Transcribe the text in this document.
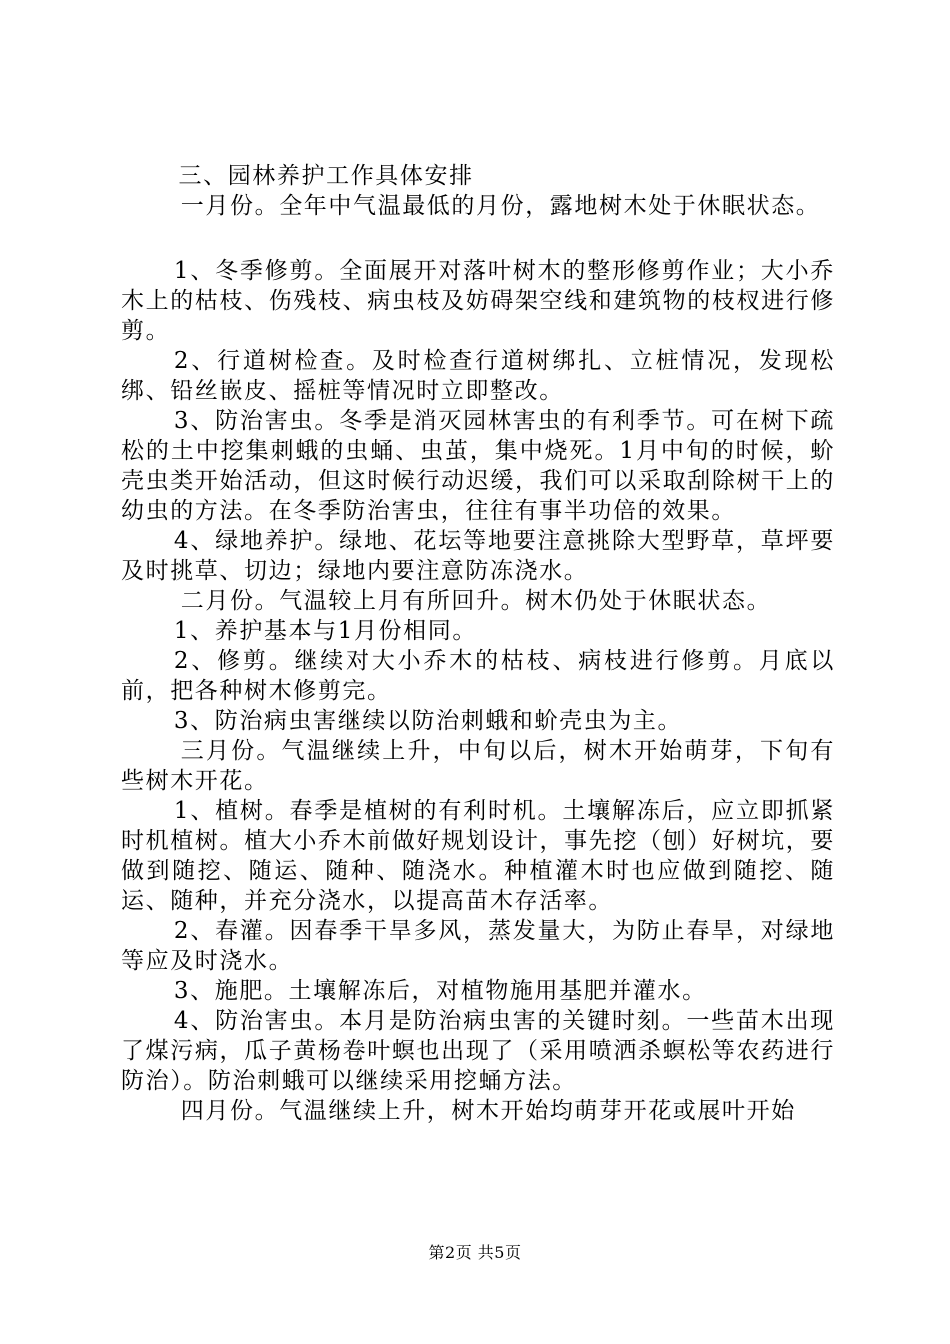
三、园林养护工作具体安排

一月份。全年中气温最低的月份，露地树木处于休眠状态。

1、冬季修剪。全面展开对落叶树木的整形修剪作业；大小乔木上的枯枝、伤残枝、病虫枝及妨碍架空线和建筑物的枝杈进行修剪。

2、行道树检查。及时检查行道树绑扎、立桩情况，发现松绑、铅丝嵌皮、摇桩等情况时立即整改。

3、防治害虫。冬季是消灭园林害虫的有利季节。可在树下疏松的土中挖集刺蛾的虫蛹、虫茧，集中烧死。1月中旬的时候，蚧壳虫类开始活动，但这时候行动迟缓，我们可以采取刮除树干上的幼虫的方法。在冬季防治害虫，往往有事半功倍的效果。

4、绿地养护。绿地、花坛等地要注意挑除大型野草，草坪要及时挑草、切边；绿地内要注意防冻浇水。

二月份。气温较上月有所回升。树木仍处于休眠状态。

1、养护基本与1月份相同。

2、修剪。继续对大小乔木的枯枝、病枝进行修剪。月底以前，把各种树木修剪完。

3、防治病虫害继续以防治刺蛾和蚧壳虫为主。

三月份。气温继续上升，中旬以后，树木开始萌芽，下旬有些树木开花。

1、植树。春季是植树的有利时机。土壤解冻后，应立即抓紧时机植树。植大小乔木前做好规划设计，事先挖（刨）好树坑，要做到随挖、随运、随种、随浇水。种植灌木时也应做到随挖、随运、随种，并充分浇水，以提高苗木存活率。

2、春灌。因春季干旱多风，蒸发量大，为防止春旱，对绿地等应及时浇水。

3、施肥。土壤解冻后，对植物施用基肥并灌水。

4、防治害虫。本月是防治病虫害的关键时刻。一些苗木出现了煤污病，瓜子黄杨卷叶螟也出现了（采用喷洒杀螟松等农药进行防治）。防治刺蛾可以继续采用挖蛹方法。

四月份。气温继续上升，树木开始均萌芽开花或展叶开始

第2页 共5页
